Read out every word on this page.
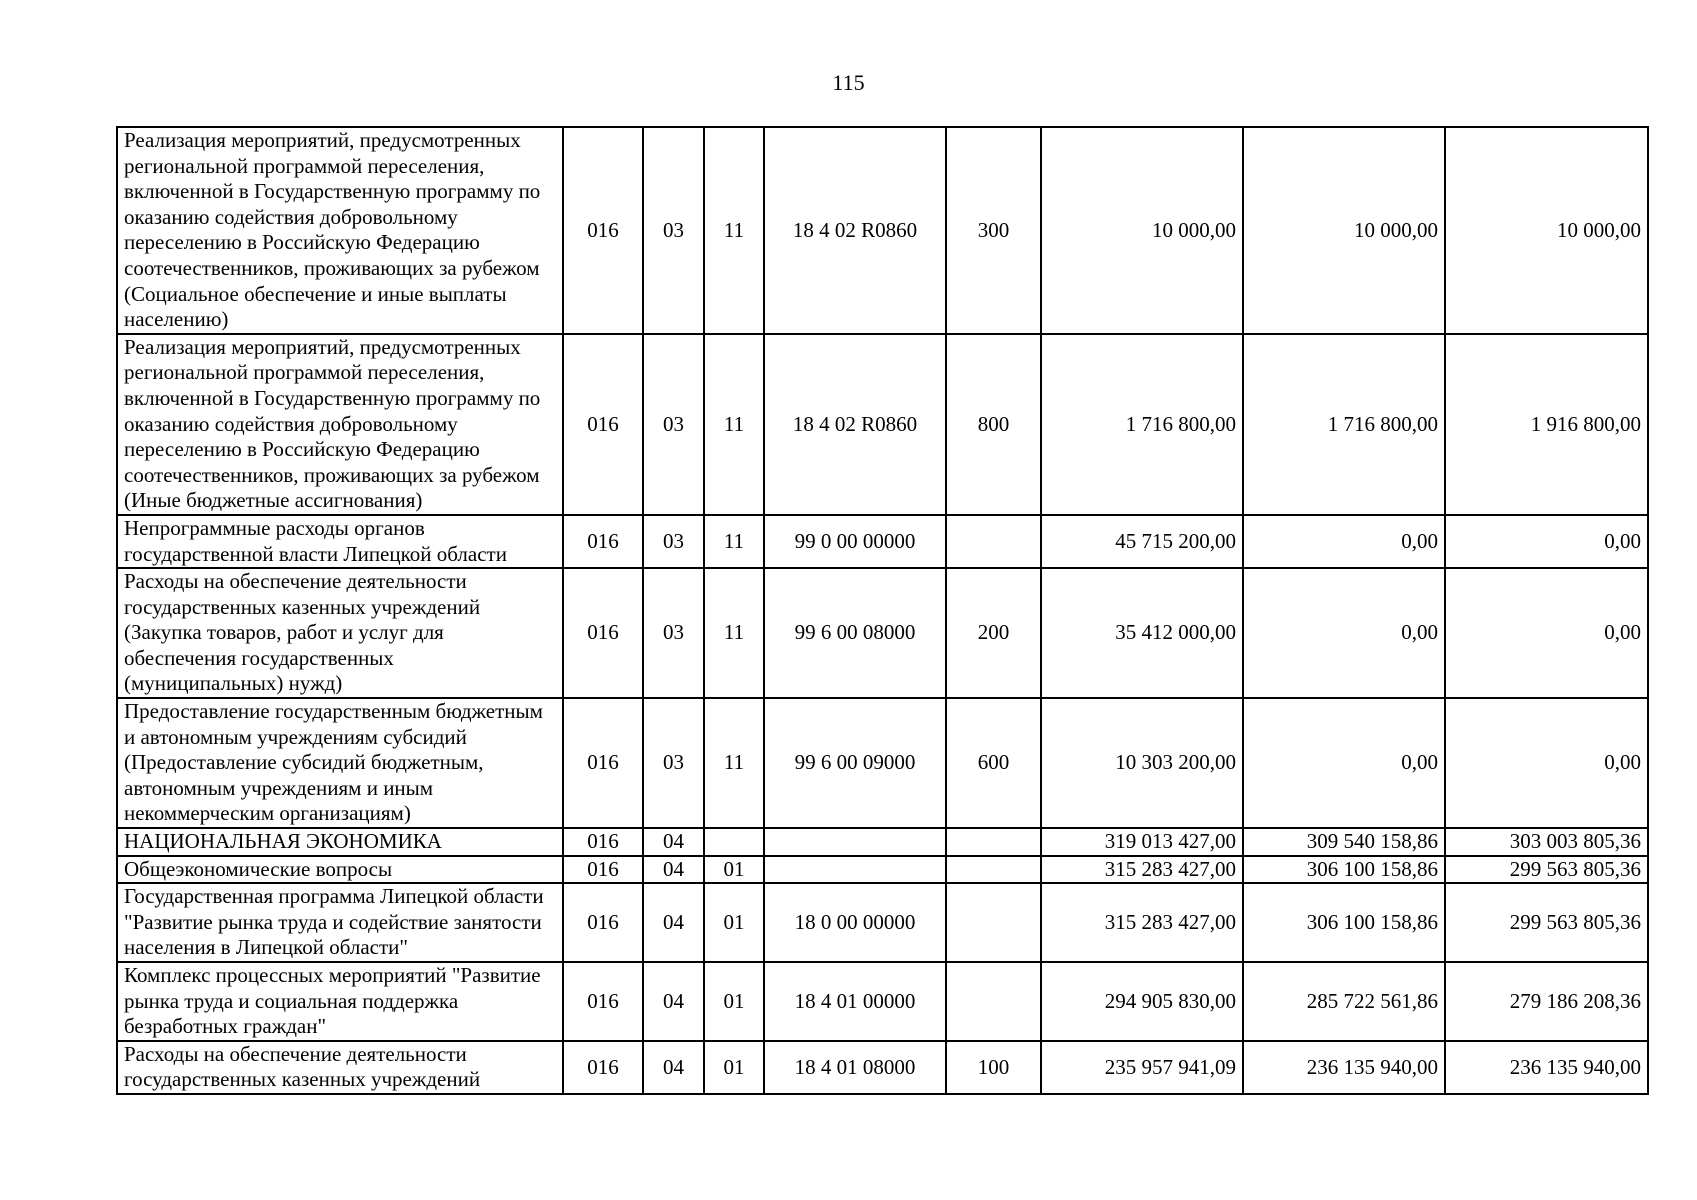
115
Реализация мероприятий, предусмотренных региональной программой переселения, включенной в Государственную программу по оказанию содействия добровольному переселению в Российскую Федерацию соотечественников, проживающих за рубежом (Социальное обеспечение и иные выплаты населению)	016	03	11	18 4 02 R0860	300	10 000,00	10 000,00	10 000,00
Реализация мероприятий, предусмотренных региональной программой переселения, включенной в Государственную программу по оказанию содействия добровольному переселению в Российскую Федерацию соотечественников, проживающих за рубежом (Иные бюджетные ассигнования)	016	03	11	18 4 02 R0860	800	1 716 800,00	1 716 800,00	1 916 800,00
Непрограммные расходы органов государственной власти Липецкой области	016	03	11	99 0 00 00000		45 715 200,00	0,00	0,00
Расходы на обеспечение деятельности государственных казенных учреждений (Закупка товаров, работ и услуг для обеспечения государственных (муниципальных) нужд)	016	03	11	99 6 00 08000	200	35 412 000,00	0,00	0,00
Предоставление государственным бюджетным и автономным учреждениям субсидий (Предоставление субсидий бюджетным, автономным учреждениям и иным некоммерческим организациям)	016	03	11	99 6 00 09000	600	10 303 200,00	0,00	0,00
НАЦИОНАЛЬНАЯ ЭКОНОМИКА	016	04				319 013 427,00	309 540 158,86	303 003 805,36
Общеэкономические вопросы	016	04	01			315 283 427,00	306 100 158,86	299 563 805,36
Государственная программа Липецкой области "Развитие рынка труда и содействие занятости населения в Липецкой области"	016	04	01	18 0 00 00000		315 283 427,00	306 100 158,86	299 563 805,36
Комплекс процессных мероприятий "Развитие рынка труда и социальная поддержка безработных граждан"	016	04	01	18 4 01 00000		294 905 830,00	285 722 561,86	279 186 208,36
Расходы на обеспечение деятельности государственных казенных учреждений	016	04	01	18 4 01 08000	100	235 957 941,09	236 135 940,00	236 135 940,00
